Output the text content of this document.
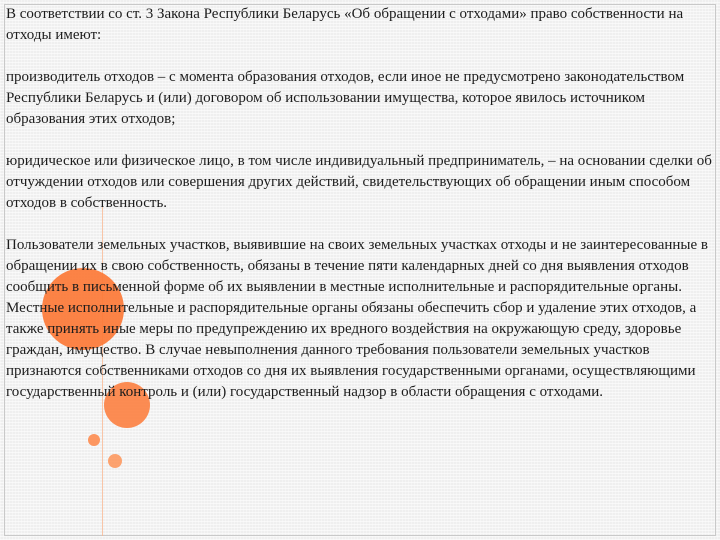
В соответствии со ст. 3 Закона Республики Беларусь «Об обращении с отходами» право собственности на отходы имеют:

производитель отходов – с момента образования отходов, если иное не предусмотрено законодательством Республики Беларусь и (или) договором об использовании имущества, которое явилось источником образования этих отходов;

юридическое или физическое лицо, в том числе индивидуальный предприниматель, – на основании сделки об отчуждении отходов или совершения других действий, свидетельствующих об обращении иным способом отходов в собственность.

Пользователи земельных участков, выявившие на своих земельных участках отходы и не заинтересованные в обращении их в свою собственность, обязаны в течение пяти календарных дней со дня выявления отходов сообщить в письменной форме об их выявлении в местные исполнительные и распорядительные органы. Местные исполнительные и распорядительные органы обязаны обеспечить сбор и удаление этих отходов, а также принять иные меры по предупреждению их вредного воздействия на окружающую среду, здоровье граждан, имущество. В случае невыполнения данного требования пользователи земельных участков признаются собственниками отходов со дня их выявления государственными органами, осуществляющими государственный контроль и (или) государственный надзор в области обращения с отходами.
